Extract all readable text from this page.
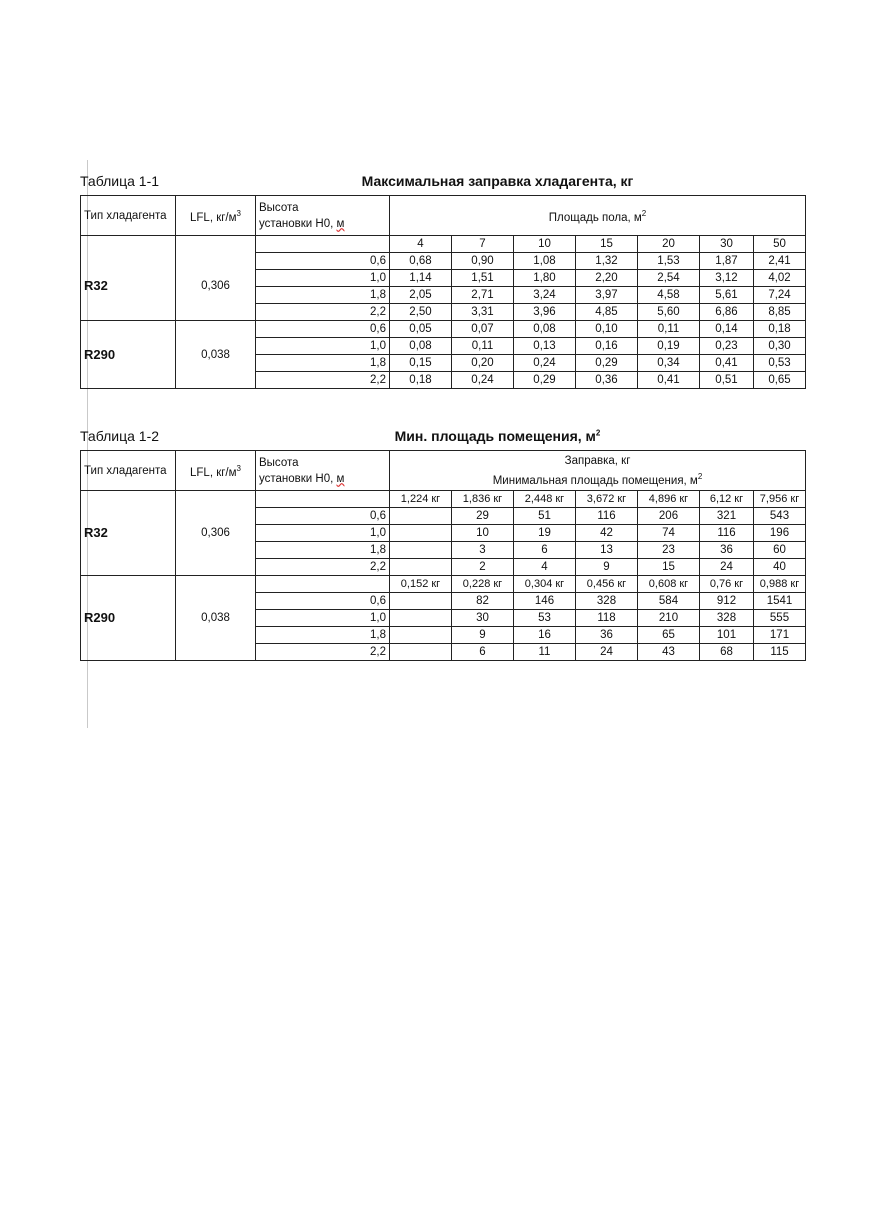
Таблица 1-1	Максимальная заправка хладагента, кг
Тип хладагента	LFL, $кг/м^3$	Высота
установки Н0, м	Площадь пола, $м^2$
			4	7	10	15	20	30	50
R32	0,306	0,6	0,68	0,90	1,08	1,32	1,53	1,87	2,41
		1,0	1,14	1,51	1,80	2,20	2,54	3,12	4,02
		1,8	2,05	2,71	3,24	3,97	4,58	5,61	7,24
		2,2	2,50	3,31	3,96	4,85	5,60	6,86	8,85
R290	0,038	0,6	0,05	0,07	0,08	0,10	0,11	0,14	0,18
		1,0	0,08	0,11	0,13	0,16	0,19	0,23	0,30
		1,8	0,15	0,20	0,24	0,29	0,34	0,41	0,53
		2,2	0,18	0,24	0,29	0,36	0,41	0,51	0,65
Таблица 1-2	Мин. площадь помещения, $м^2$
Тип хладагента	LFL, $кг/м^3$	Высота
установки Н0, м	Заправка, кг
Минимальная площадь помещения, $м^2$
R32	0,306		1,224 кг	1,836 кг	2,448 кг	3,672 кг	4,896 кг	6,12 кг	7,956 кг
		0,6		29	51	116	206	321	543
		1,0		10	19	42	74	116	196
		1,8		3	6	13	23	36	60
		2,2		2	4	9	15	24	40
R290	0,038		0,152 кг	0,228 кг	0,304 кг	0,456 кг	0,608 кг	0,76 кг	0,988 кг
		0,6		82	146	328	584	912	1541
		1,0		30	53	118	210	328	555
		1,8		9	16	36	65	101	171
		2,2		6	11	24	43	68	115
